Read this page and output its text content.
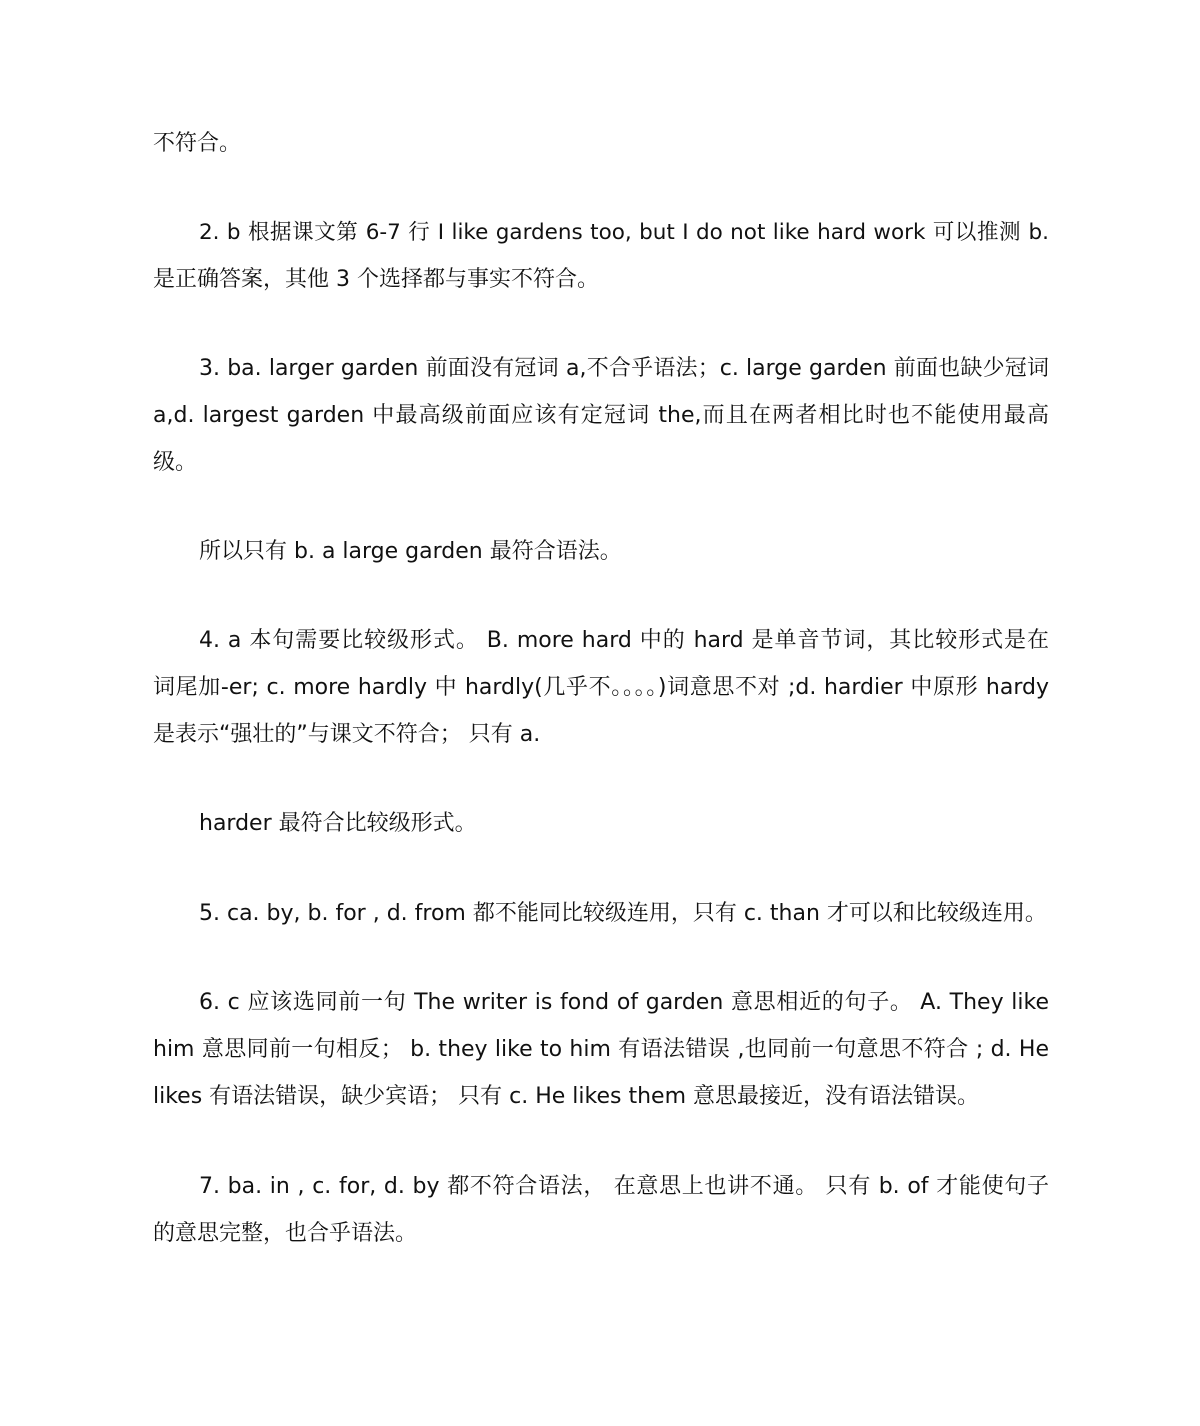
不符合。
2. b 根据课文第 6-7 行 I like gardens too, but I do not like hard work 可以推测 b.
是正确答案，其他 3 个选择都与事实不符合。
3. ba. larger garden 前面没有冠词 a,不合乎语法；c. large garden 前面也缺少冠词
a,d. largest garden 中最高级前面应该有定冠词 the,而且在两者相比时也不能使用最高
级。
所以只有 b. a large garden 最符合语法。
4. a 本句需要比较级形式。 B. more hard 中的 hard 是单音节词，其比较形式是在
词尾加-er; c. more hardly 中 hardly(几乎不。。。。)词意思不对 ;d. hardier 中原形 hardy
是表示“强壮的”与课文不符合； 只有 a.
harder 最符合比较级形式。
5. ca. by, b. for , d. from 都不能同比较级连用，只有 c. than 才可以和比较级连用。
6. c 应该选同前一句 The writer is fond of garden 意思相近的句子。 A. They like
him 意思同前一句相反； b. they like to him 有语法错误 ,也同前一句意思不符合 ; d. He
likes 有语法错误，缺少宾语； 只有 c. He likes them 意思最接近，没有语法错误。
7. ba. in , c. for, d. by 都不符合语法， 在意思上也讲不通。 只有 b. of 才能使句子
的意思完整，也合乎语法。
